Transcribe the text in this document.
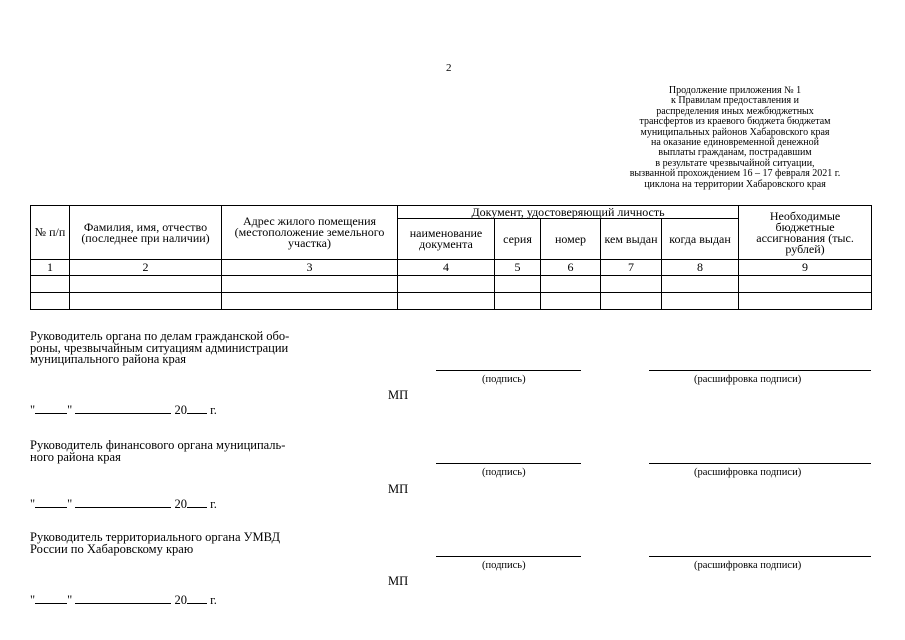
2
Продолжение приложения № 1
к Правилам предоставления и
распределения иных межбюджетных
трансфертов из краевого бюджета бюджетам
муниципальных районов Хабаровского края
на оказание единовременной денежной
выплаты гражданам, пострадавшим
в результате чрезвычайной ситуации,
вызванной прохождением 16 – 17 февраля 2021 г.
циклона на территории Хабаровского края
№ п/п	Фамилия, имя, отчество (последнее при наличии)	Адрес жилого помещения (местоположение земельного участка)	Документ, удостоверяющий личность					Необходимые бюджетные ассигнования (тыс. рублей)
			наименование документа	серия	номер	кем выдан	когда выдан	
1	2	3	4	5	6	7	8	9

Руководитель органа по делам гражданской обо-
роны, чрезвычайным ситуациям администрации
муниципального района края
(подпись)	(расшифровка подписи)
МП
"	"	20 г.
Руководитель финансового органа муниципаль-
ного района края
(подпись)	(расшифровка подписи)
МП
"	"	20 г.
Руководитель территориального органа УМВД
России по Хабаровскому краю
(подпись)	(расшифровка подписи)
МП
"	"	20 г.
